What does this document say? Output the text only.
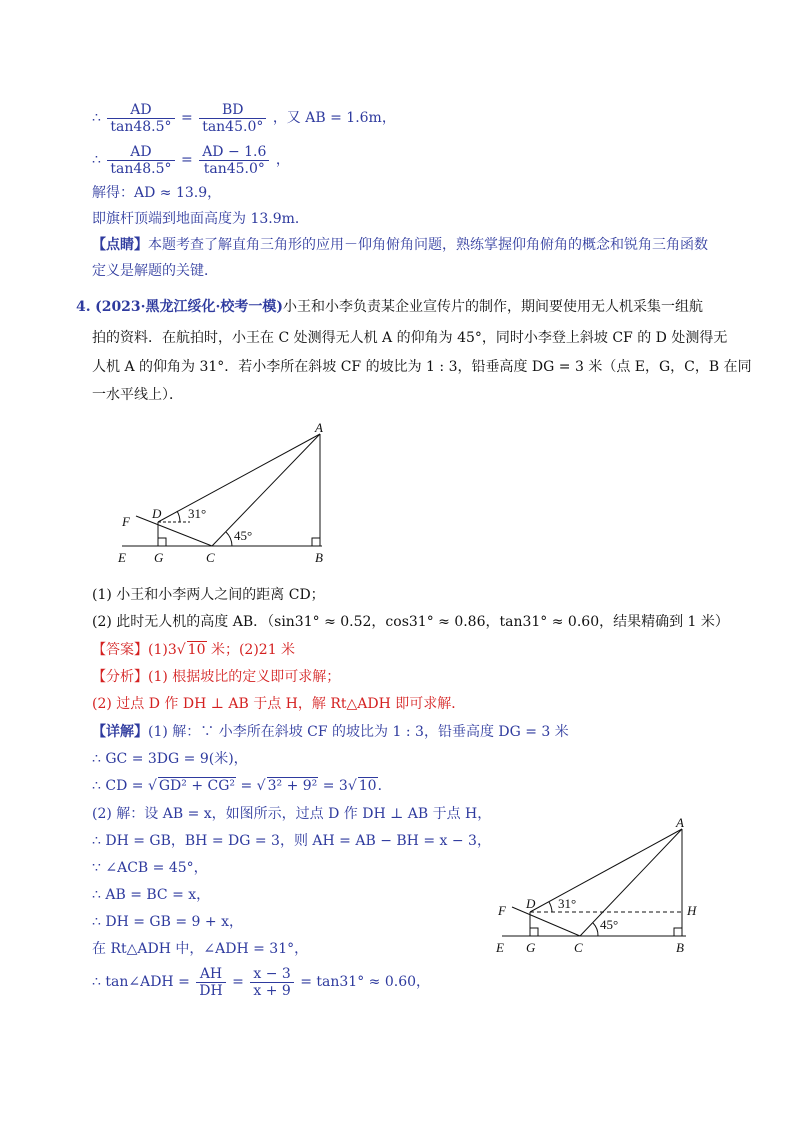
∴ $\frac{AD}{\tan 48.5^\circ} = \frac{BD}{\tan 45.0^\circ}$ ，又 AB = 1.6m，
∴ $\frac{AD}{\tan 48.5^\circ} = \frac{AD - 1.6}{\tan 45.0^\circ}$ ，
解得：AD ≈ 13.9，
即旗杆顶端到地面高度为 13.9m．
【点睛】本题考查了解直角三角形的应用－仰角俯角问题，熟练掌握仰角俯角的概念和锐角三角函数
定义是解题的关键．
4. (2023·黑龙江绥化·校考一模)小王和小李负责某企业宣传片的制作，期间要使用无人机采集一组航
拍的资料．在航拍时，小王在 C 处测得无人机 A 的仰角为 45°，同时小李登上斜坡 CF 的 D 处测得无
人机 A 的仰角为 31°．若小李所在斜坡 CF 的坡比为 1 : 3，铅垂高度 DG = 3 米（点 E，G，C，B 在同
一水平线上）．
A
B
C
D
E
F
G
31°
45°
(1) 小王和小李两人之间的距离 CD；
(2) 此时无人机的高度 AB．（sin31° ≈ 0.52，cos31° ≈ 0.86，tan31° ≈ 0.60，结果精确到 1 米）
【答案】(1)3√ 10 米；(2)21 米
【分析】(1) 根据坡比的定义即可求解；
(2) 过点 D 作 DH ⊥ AB 于点 H，解 Rt△ADH 即可求解．
【详解】(1) 解：∵ 小李所在斜坡 CF 的坡比为 1 : 3，铅垂高度 DG = 3 米
∴ GC = 3DG = 9(米)，
∴ CD = √ GD² + CG² = √ 3² + 9² = 3√ 10．
(2) 解：设 AB = x，如图所示，过点 D 作 DH ⊥ AB 于点 H，
∴ DH = GB，BH = DG = 3，则 AH = AB − BH = x − 3，
∵ ∠ACB = 45°，
∴ AB = BC = x，
∴ DH = GB = 9 + x，
在 Rt△ADH 中，∠ADH = 31°，
∴ tan∠ADH = $\frac{AH}{DH} = \frac{x - 3}{x + 9} = \tan 31^\circ \approx 0.60$，
A
B
C
D
E
F
G
H
31°
45°
